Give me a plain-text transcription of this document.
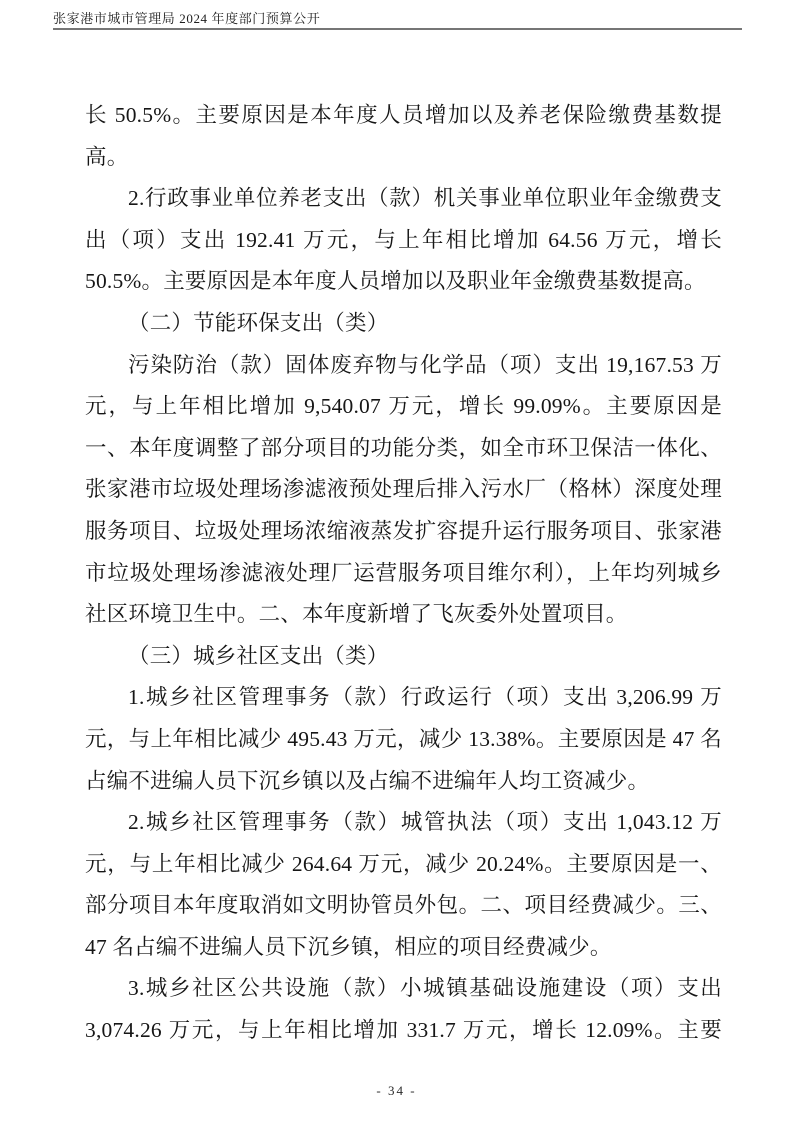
张家港市城市管理局 2024 年度部门预算公开
长 50.5%。主要原因是本年度人员增加以及养老保险缴费基数提
高。
2.行政事业单位养老支出（款）机关事业单位职业年金缴费支
出（项）支出 192.41 万元，与上年相比增加 64.56 万元，增长
50.5%。主要原因是本年度人员增加以及职业年金缴费基数提高。
（二）节能环保支出（类）
污染防治（款）固体废弃物与化学品（项）支出 19,167.53 万
元，与上年相比增加 9,540.07 万元，增长 99.09%。主要原因是
一、本年度调整了部分项目的功能分类，如全市环卫保洁一体化、
张家港市垃圾处理场渗滤液预处理后排入污水厂（格林）深度处理
服务项目、垃圾处理场浓缩液蒸发扩容提升运行服务项目、张家港
市垃圾处理场渗滤液处理厂运营服务项目维尔利），上年均列城乡
社区环境卫生中。二、本年度新增了飞灰委外处置项目。
（三）城乡社区支出（类）
1.城乡社区管理事务（款）行政运行（项）支出 3,206.99 万
元，与上年相比减少 495.43 万元，减少 13.38%。主要原因是 47 名
占编不进编人员下沉乡镇以及占编不进编年人均工资减少。
2.城乡社区管理事务（款）城管执法（项）支出 1,043.12 万
元，与上年相比减少 264.64 万元，减少 20.24%。主要原因是一、
部分项目本年度取消如文明协管员外包。二、项目经费减少。三、
47 名占编不进编人员下沉乡镇，相应的项目经费减少。
3.城乡社区公共设施（款）小城镇基础设施建设（项）支出
3,074.26 万元，与上年相比增加 331.7 万元，增长 12.09%。主要
- 34 -
